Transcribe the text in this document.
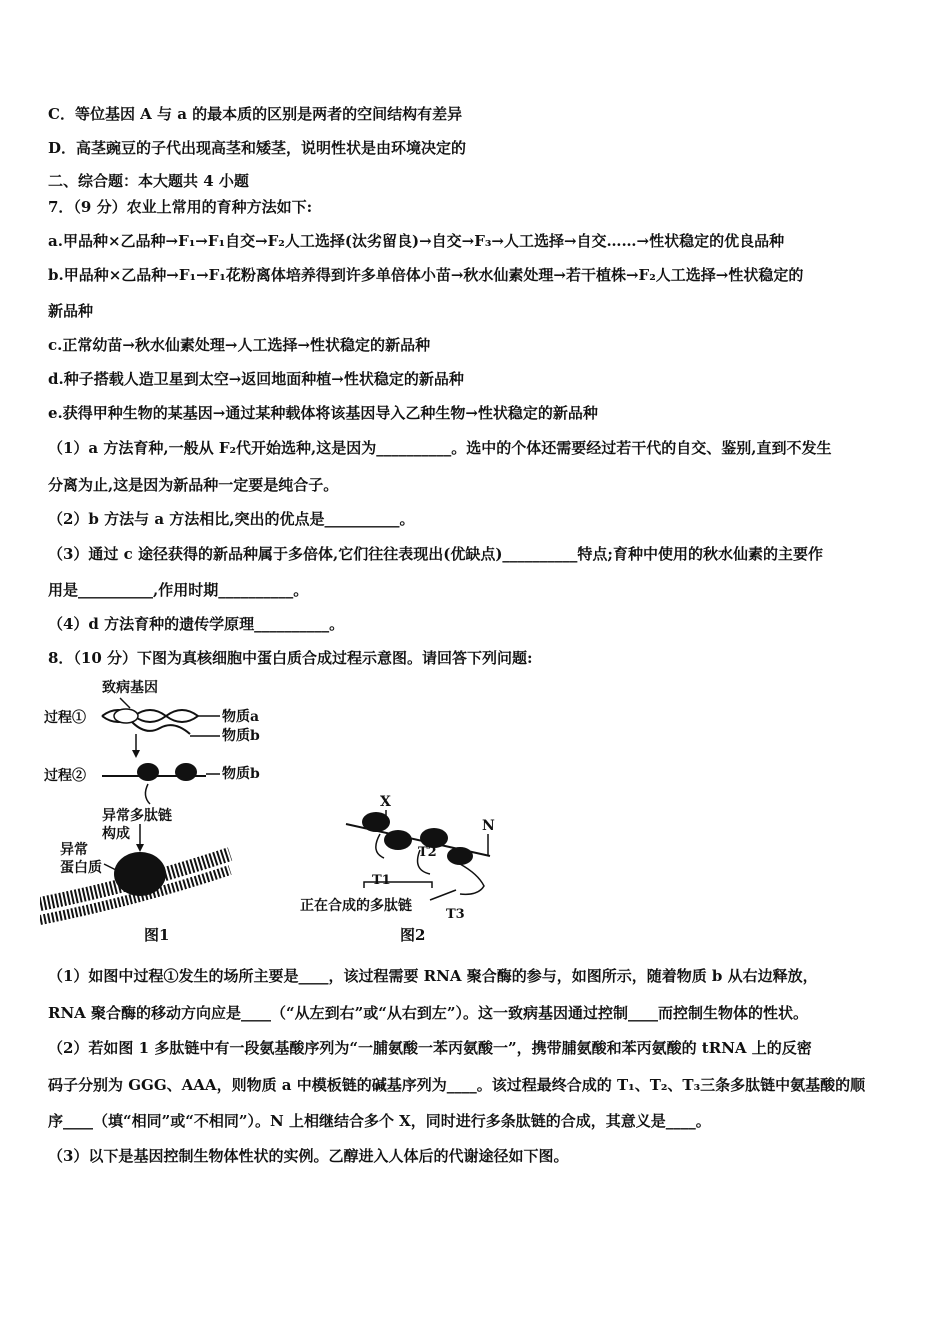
C．等位基因 A 与 a 的最本质的区别是两者的空间结构有差异
D．高茎豌豆的子代出现高茎和矮茎，说明性状是由环境决定的
二、综合题：本大题共 4 小题
7．（9 分）农业上常用的育种方法如下:
a.甲品种×乙品种→F₁→F₁自交→F₂人工选择(汰劣留良)→自交→F₃→人工选择→自交……→性状稳定的优良品种
b.甲品种×乙品种→F₁→F₁花粉离体培养得到许多单倍体小苗→秋水仙素处理→若干植株→F₂人工选择→性状稳定的
新品种
c.正常幼苗→秋水仙素处理→人工选择→性状稳定的新品种
d.种子搭载人造卫星到太空→返回地面种植→性状稳定的新品种
e.获得甲种生物的某基因→通过某种载体将该基因导入乙种生物→性状稳定的新品种
（1）a 方法育种,一般从 F₂代开始选种,这是因为__________。选中的个体还需要经过若干代的自交、鉴别,直到不发生
分离为止,这是因为新品种一定要是纯合子。
（2）b 方法与 a 方法相比,突出的优点是__________。
（3）通过 c 途径获得的新品种属于多倍体,它们往往表现出(优缺点)__________特点;育种中使用的秋水仙素的主要作
用是__________,作用时期__________。
（4）d 方法育种的遗传学原理__________。
8．（10 分）下图为真核细胞中蛋白质合成过程示意图。请回答下列问题:
致病基因
过程①	物质a
物质b
过程②	物质b
异常多肽链
构成
异常
蛋白质
图1
X
N
T2
T1
T3
正在合成的多肽链
图2
（1）如图中过程①发生的场所主要是____，该过程需要 RNA 聚合酶的参与，如图所示，随着物质 b 从右边释放，
RNA 聚合酶的移动方向应是____（“从左到右”或“从右到左”）。这一致病基因通过控制____而控制生物体的性状。
（2）若如图 1 多肽链中有一段氨基酸序列为“一脯氨酸一苯丙氨酸一”，携带脯氨酸和苯丙氨酸的 tRNA 上的反密
码子分别为 GGG、AAA，则物质 a 中模板链的碱基序列为____。该过程最终合成的 T₁、T₂、T₃三条多肽链中氨基酸的顺
序____（填“相同”或“不相同”）。N 上相继结合多个 X，同时进行多条肽链的合成，其意义是____。
（3）以下是基因控制生物体性状的实例。乙醇进入人体后的代谢途径如下图。
